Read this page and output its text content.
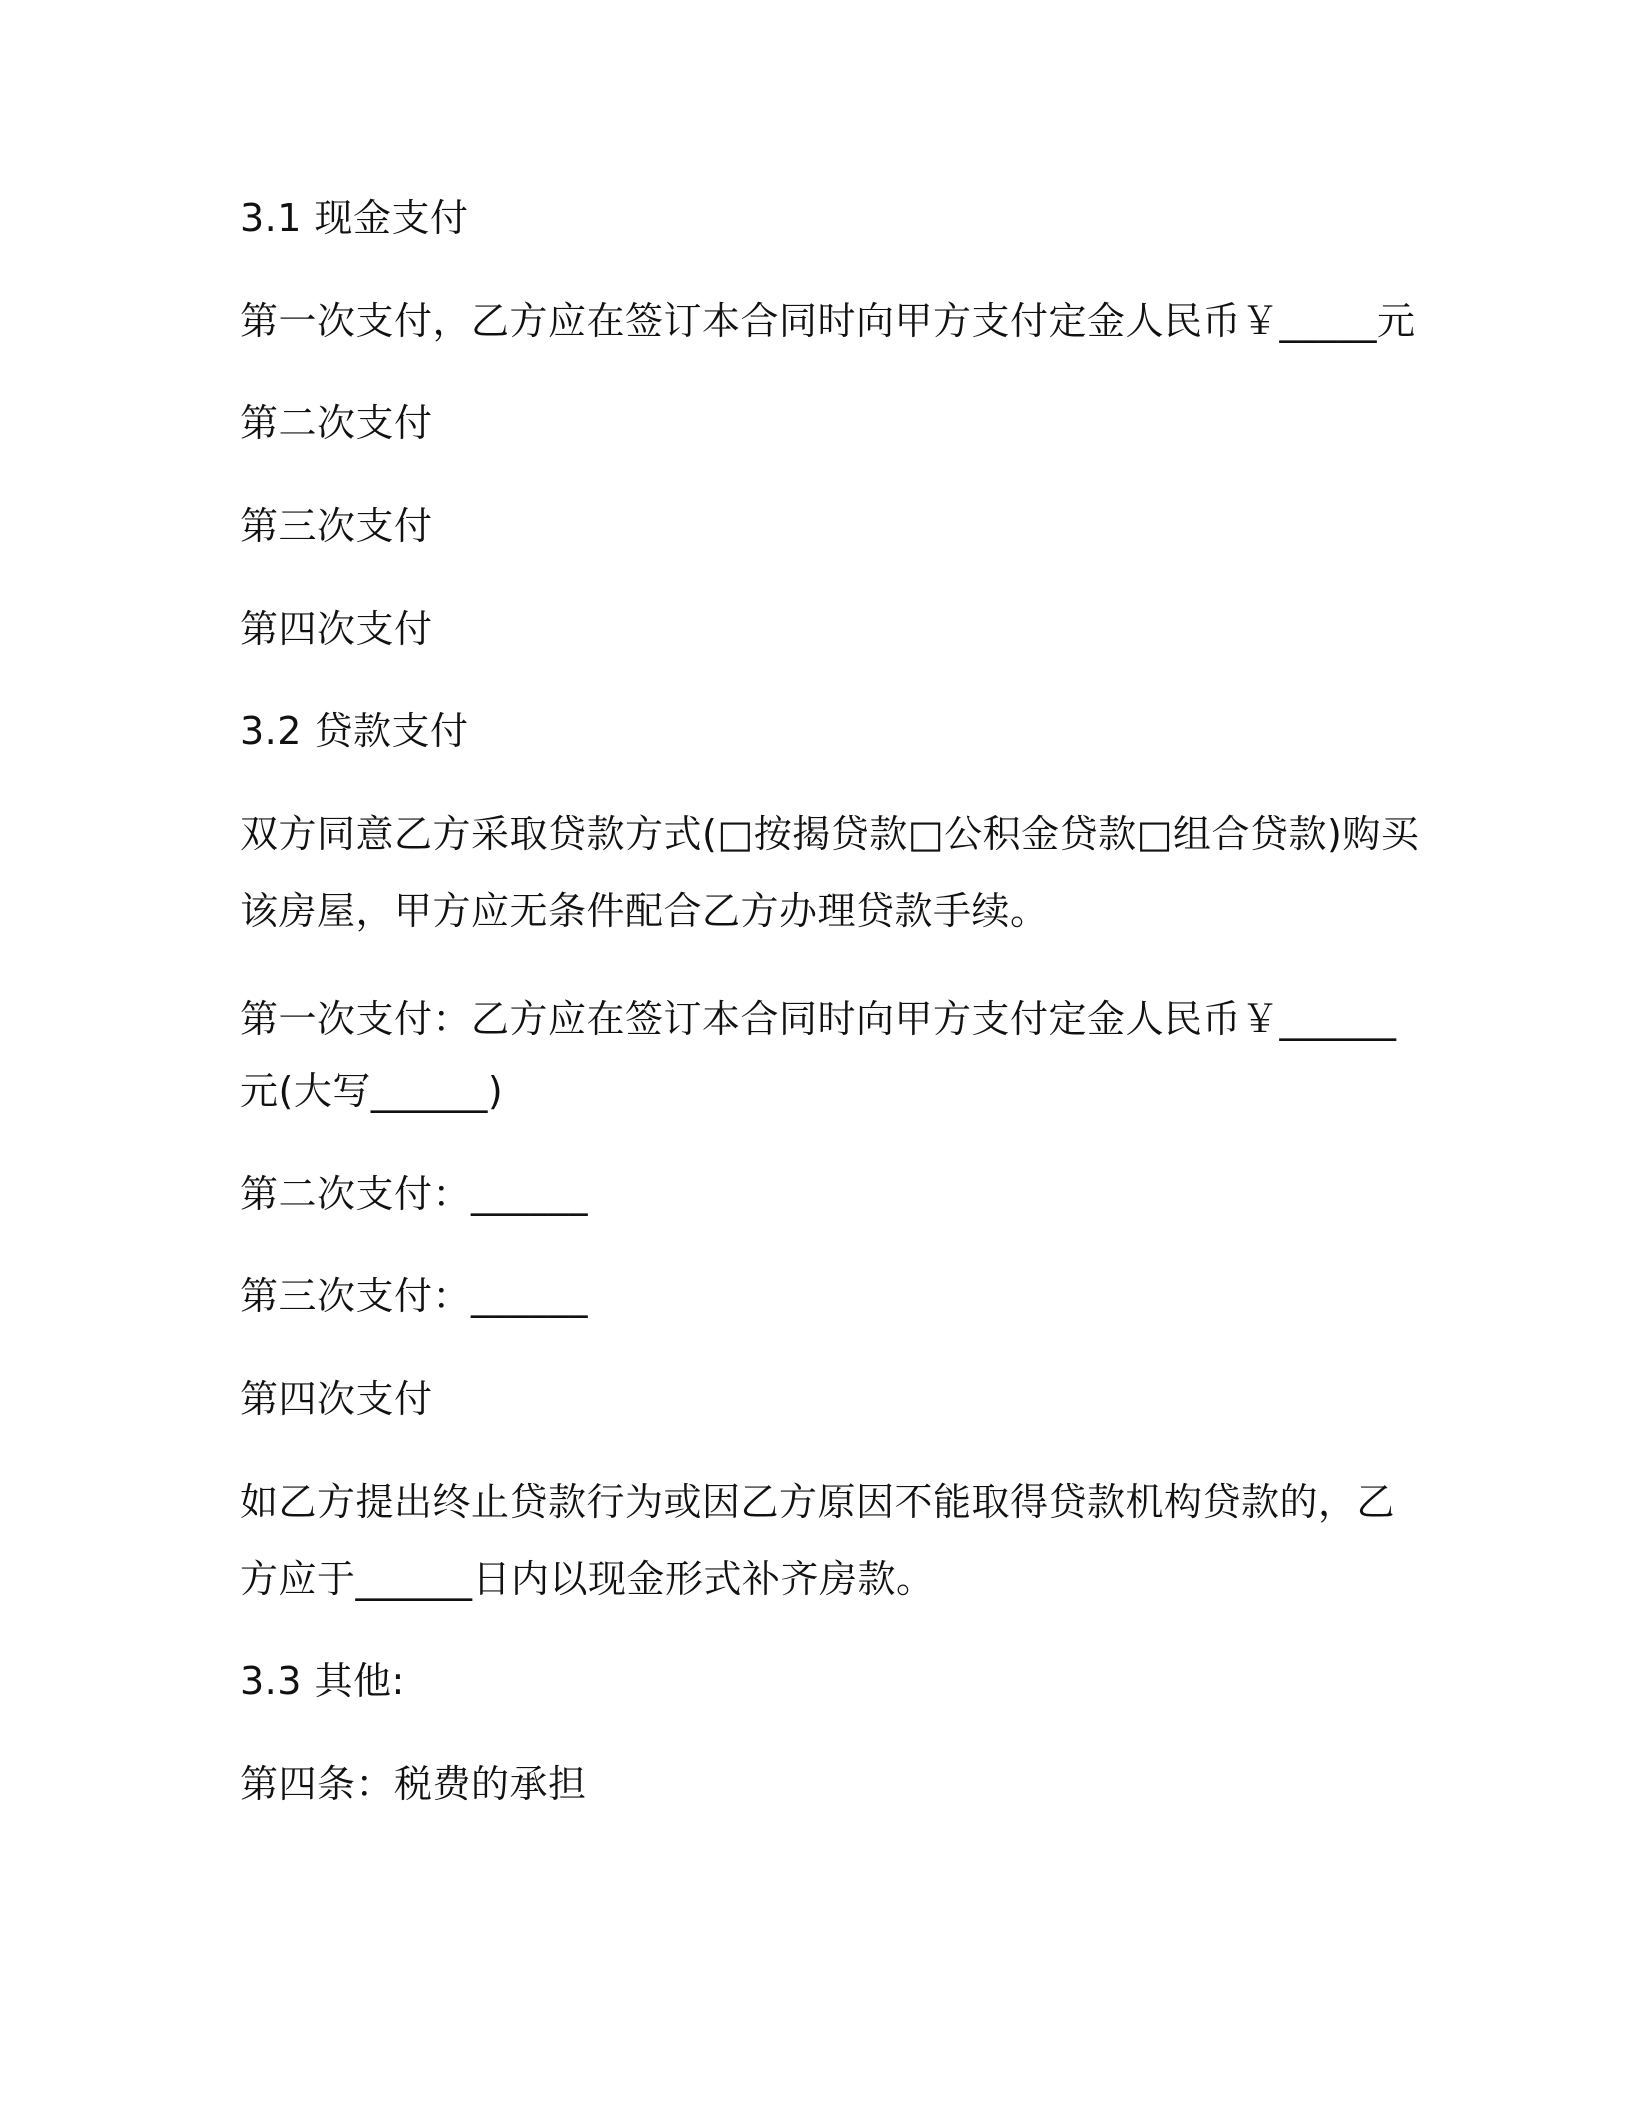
3.1 现金支付
第一次支付，乙方应在签订本合同时向甲方支付定金人民币￥_____元
第二次支付
第三次支付
第四次支付
3.2 贷款支付
双方同意乙方采取贷款方式(□按揭贷款□公积金贷款□组合贷款)购买
该房屋，甲方应无条件配合乙方办理贷款手续。
第一次支付：乙方应在签订本合同时向甲方支付定金人民币￥______
元(大写______)
第二次支付：______
第三次支付：______
第四次支付
如乙方提出终止贷款行为或因乙方原因不能取得贷款机构贷款的，乙
方应于______日内以现金形式补齐房款。
3.3 其他:
第四条：税费的承担
